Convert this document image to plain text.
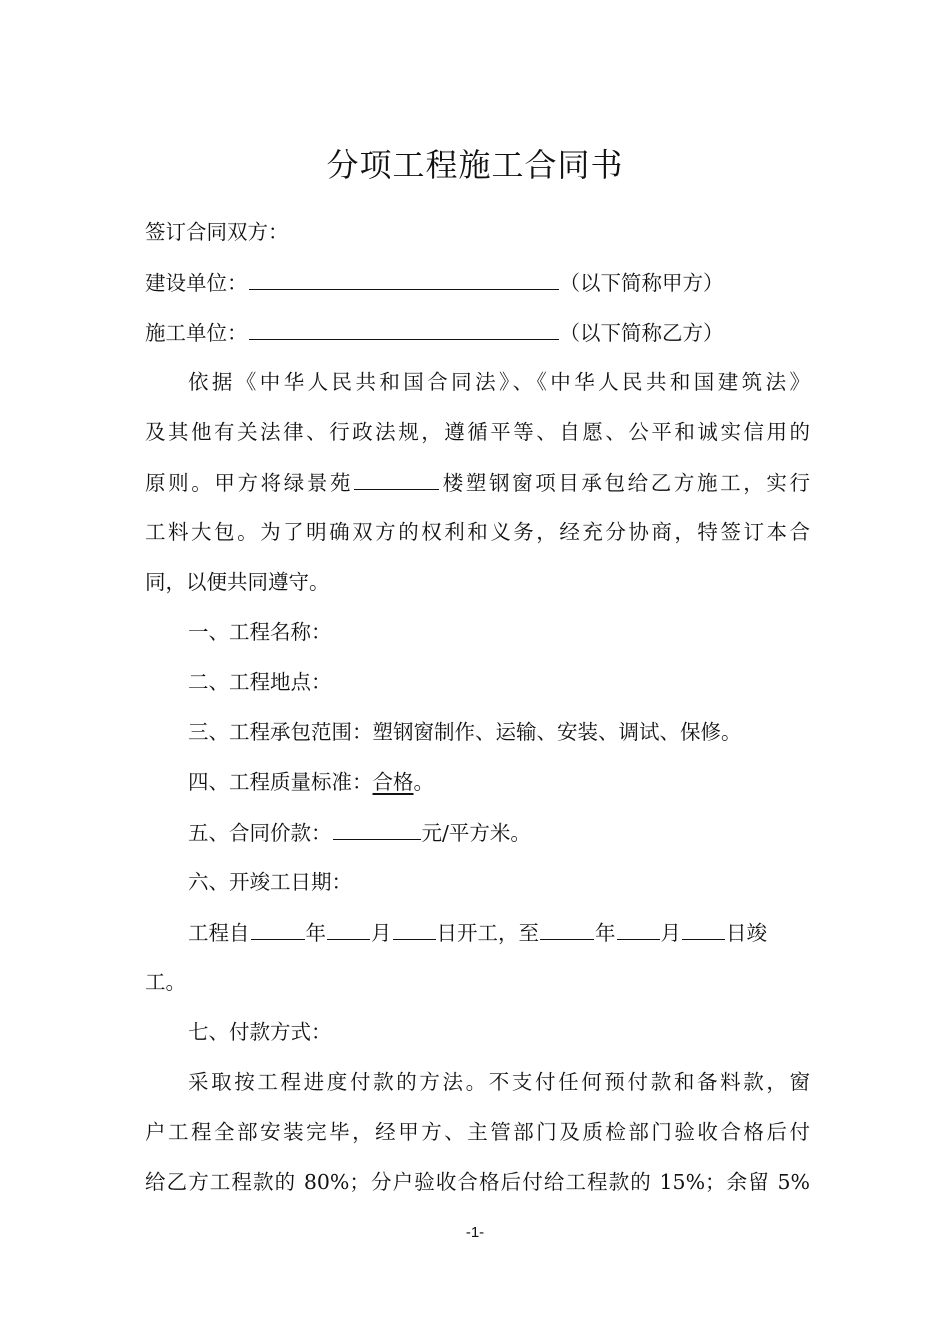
分项工程施工合同书
签订合同双方：
建设单位：	（以下简称甲方）
施工单位：	（以下简称乙方）
依据《中华人民共和国合同法》、《中华人民共和国建筑法》
及其他有关法律、行政法规，遵循平等、自愿、公平和诚实信用的
原则。甲方将绿景苑	楼塑钢窗项目承包给乙方施工，实行
工料大包。为了明确双方的权利和义务，经充分协商，特签订本合
同，以便共同遵守。
一、工程名称：
二、工程地点：
三、工程承包范围：塑钢窗制作、运输、安装、调试、保修。
四、工程质量标准：合格。
五、合同价款：	元/平方米。
六、开竣工日期：
工程自	年 月 日开工，至	年 月 日竣
工。
七、付款方式：
采取按工程进度付款的方法。不支付任何预付款和备料款，窗
户工程全部安装完毕，经甲方、主管部门及质检部门验收合格后付
给乙方工程款的 80%；分户验收合格后付给工程款的 15%；余留 5%
-1-
